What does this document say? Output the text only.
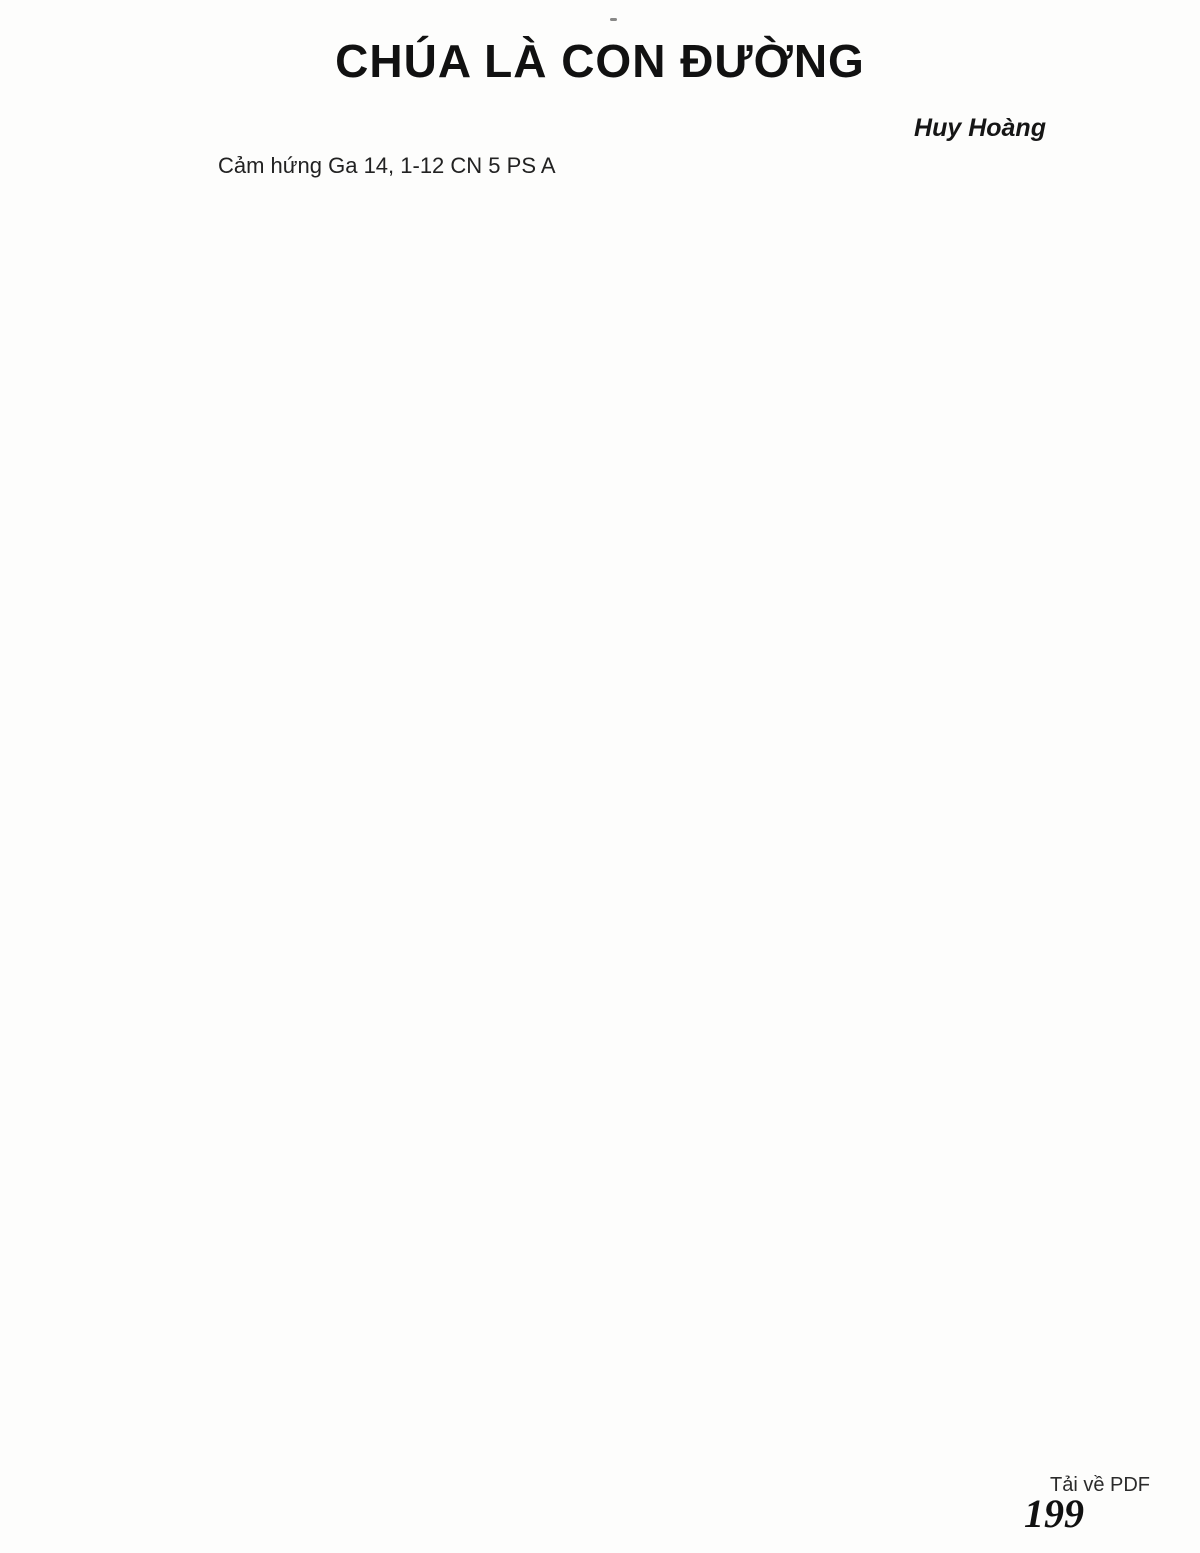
CHÚA LÀ CON ĐƯỜNG
Huy Hoàng
Cảm hứng Ga 14, 1-12 CN 5 PS A
Tải về PDF
199
